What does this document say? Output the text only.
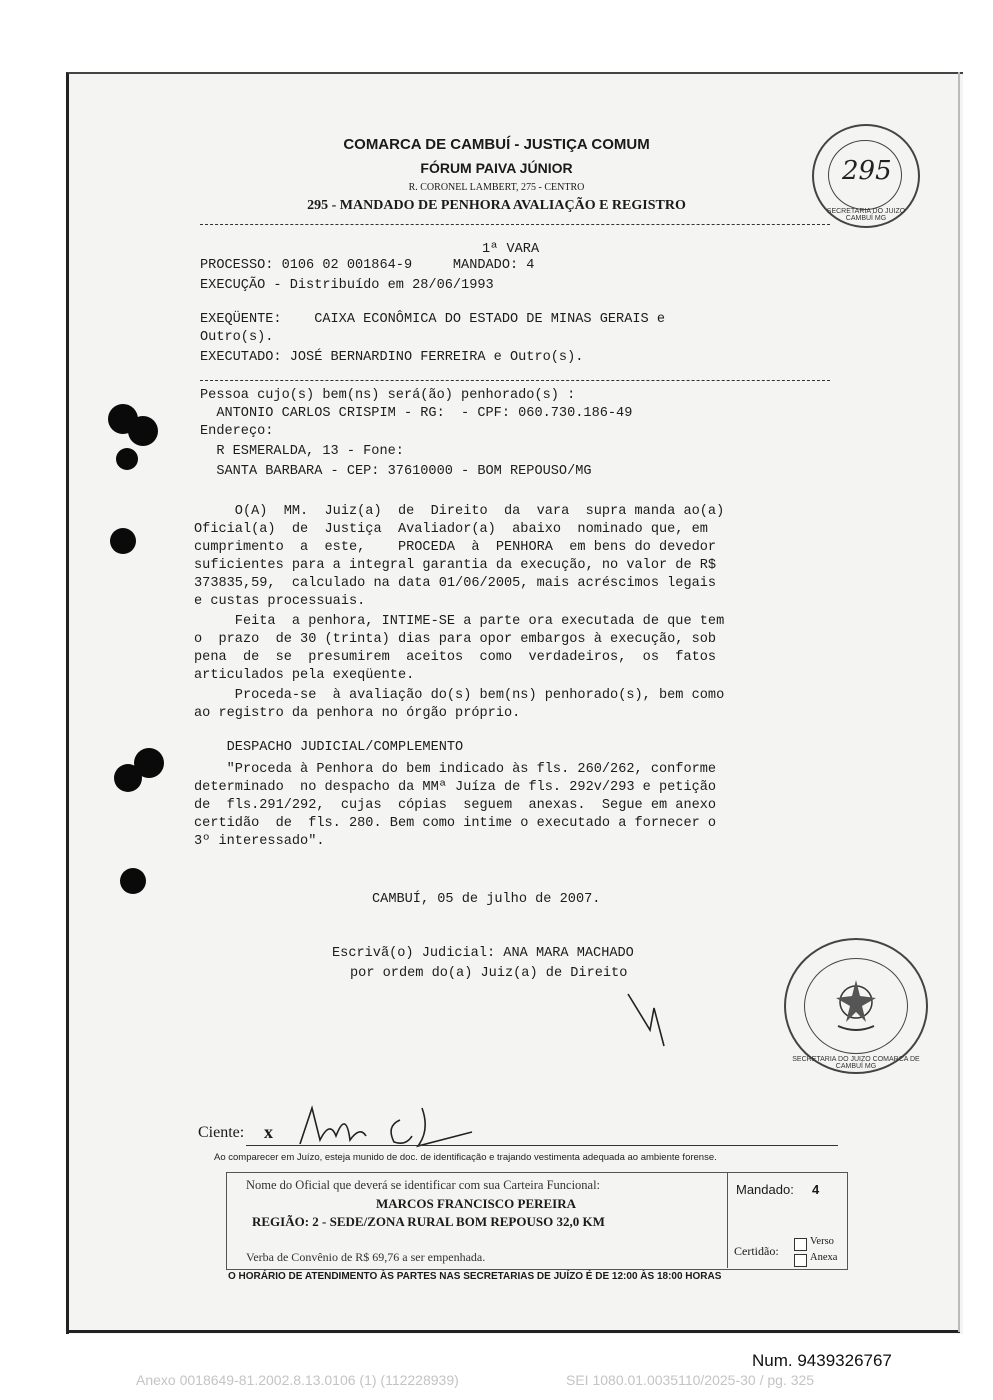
COMARCA DE CAMBUÍ - JUSTIÇA COMUM
FÓRUM PAIVA JÚNIOR
R. CORONEL LAMBERT, 275 - CENTRO
295 - MANDADO DE PENHORA AVALIAÇÃO E REGISTRO	SECRETARIA DO JUIZO CAMBUÍ MG
295
1ª VARA
PROCESSO: 0106 02 001864-9     MANDADO: 4
EXECUÇÃO - Distribuído em 28/06/1993
EXEQÜENTE:    CAIXA ECONÔMICA DO ESTADO DE MINAS GERAIS e
Outro(s).
EXECUTADO: JOSÉ BERNARDINO FERREIRA e Outro(s).
Pessoa cujo(s) bem(ns) será(ão) penhorado(s) :
ANTONIO CARLOS CRISPIM - RG:  - CPF: 060.730.186-49
Endereço:
R ESMERALDA, 13 - Fone:
SANTA BARBARA - CEP: 37610000 - BOM REPOUSO/MG
O(A)  MM.  Juiz(a)  de  Direito  da  vara  supra manda ao(a)
Oficial(a)  de  Justiça  Avaliador(a)  abaixo  nominado que, em
cumprimento  a  este,    PROCEDA  à  PENHORA  em bens do devedor
suficientes para a integral garantia da execução, no valor de R$
373835,59,  calculado na data 01/06/2005, mais acréscimos legais
e custas processuais.
Feita  a penhora, INTIME-SE a parte ora executada de que tem
o  prazo  de 30 (trinta) dias para opor embargos à execução, sob
pena  de  se  presumirem  aceitos  como  verdadeiros,  os  fatos
articulados pela exeqüente.
Proceda-se  à avaliação do(s) bem(ns) penhorado(s), bem como
ao registro da penhora no órgão próprio.
DESPACHO JUDICIAL/COMPLEMENTO
"Proceda à Penhora do bem indicado às fls. 260/262, conforme
determinado  no despacho da MMª Juíza de fls. 292v/293 e petição
de  fls.291/292,  cujas  cópias  seguem  anexas.  Segue em anexo
certidão  de  fls. 280. Bem como intime o executado a fornecer o
3º interessado".
CAMBUÍ, 05 de julho de 2007.
Escrivã(o) Judicial: ANA MARA MACHADO
por ordem do(a) Juiz(a) de Direito
SECRETARIA DO JUIZO COMARCA DE CAMBUÍ MG
Ciente: x
Ao comparecer em Juízo, esteja munido de doc. de identificação e trajando vestimenta adequada ao ambiente forense.
Nome do Oficial que deverá se identificar com sua Carteira Funcional:
MARCOS FRANCISCO PEREIRA
REGIÃO: 2 - SEDE/ZONA RURAL BOM REPOUSO 32,0 KM
Verba de Convênio de R$ 69,76 a ser empenhada.
Mandado: 4
Certidão:
Verso
Anexa
O HORÁRIO DE ATENDIMENTO ÀS PARTES NAS SECRETARIAS DE JUÍZO É DE 12:00 ÀS 18:00 HORAS
Num. 9439326767
Anexo 0018649-81.2002.8.13.0106 (1) (112228939)	SEI 1080.01.0035110/2025-30 / pg. 325
